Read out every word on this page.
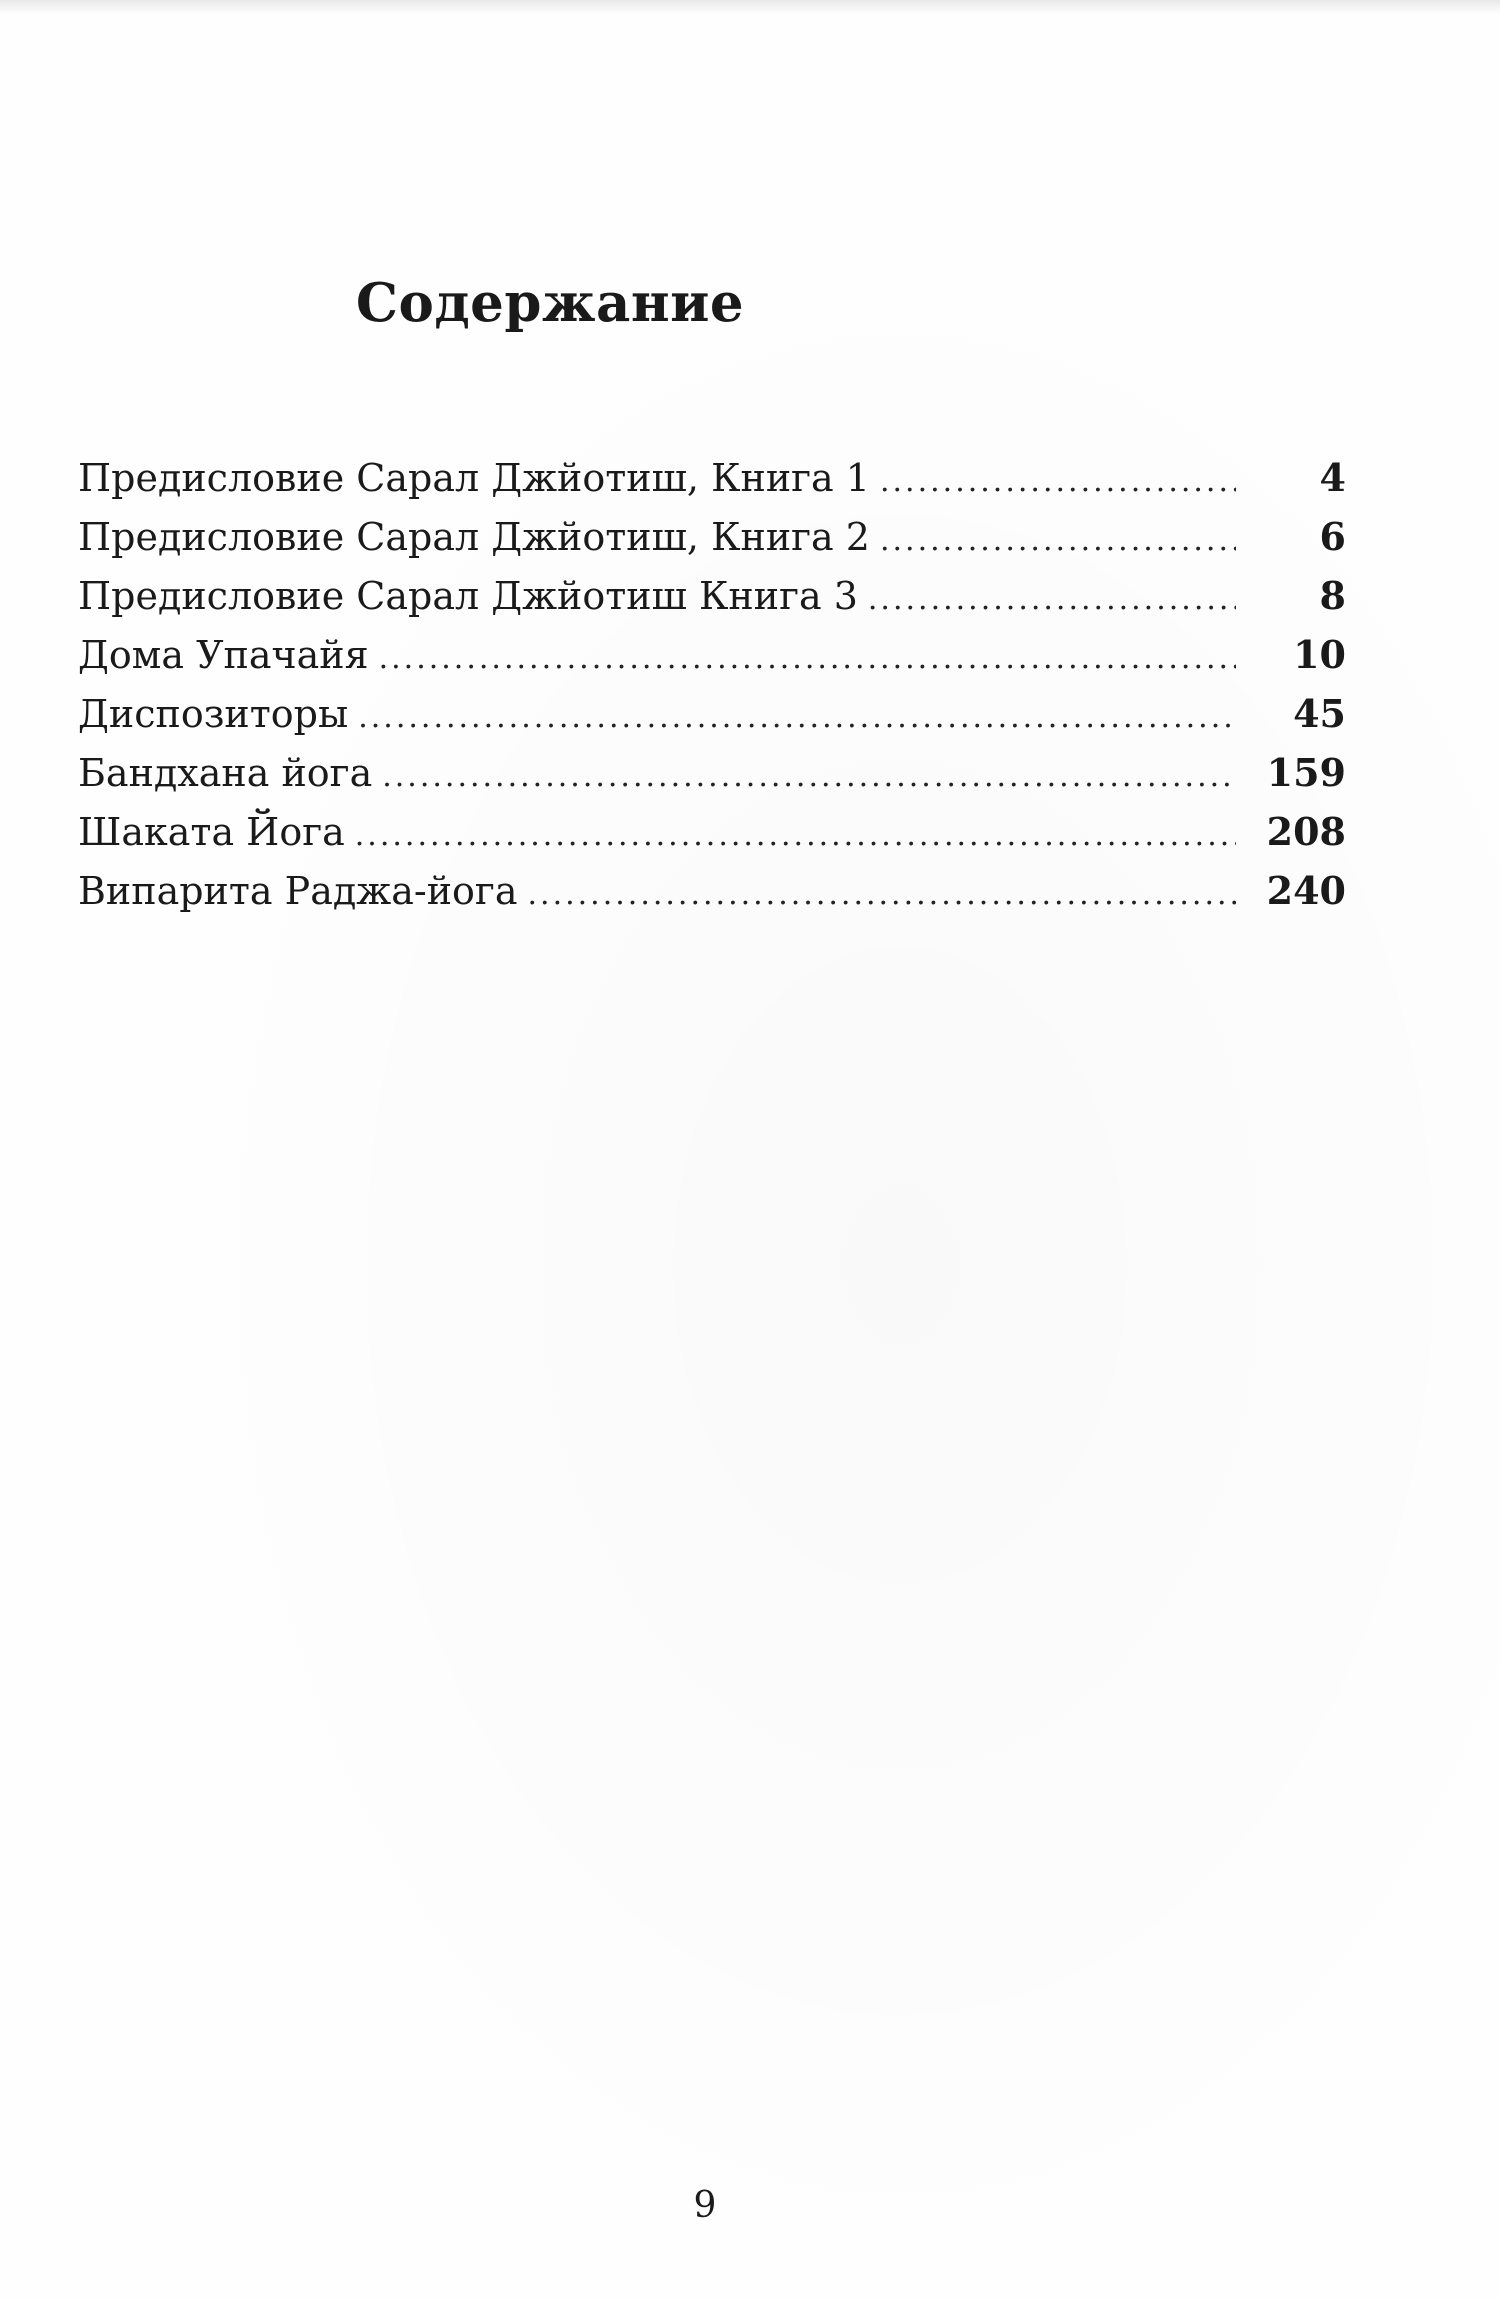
Содержание
Предисловие Сарал Джйотиш, Книга 1 .....	4
Предисловие Сарал Джйотиш, Книга 2 .....	6
Предисловие Сарал Джйотиш Книга 3 .....	8
Дома Упачайя .....	10
Диспозиторы .....	45
Бандхана йога .....	159
Шаката Йога .....	208
Випарита Раджа-йога .....	240

9
